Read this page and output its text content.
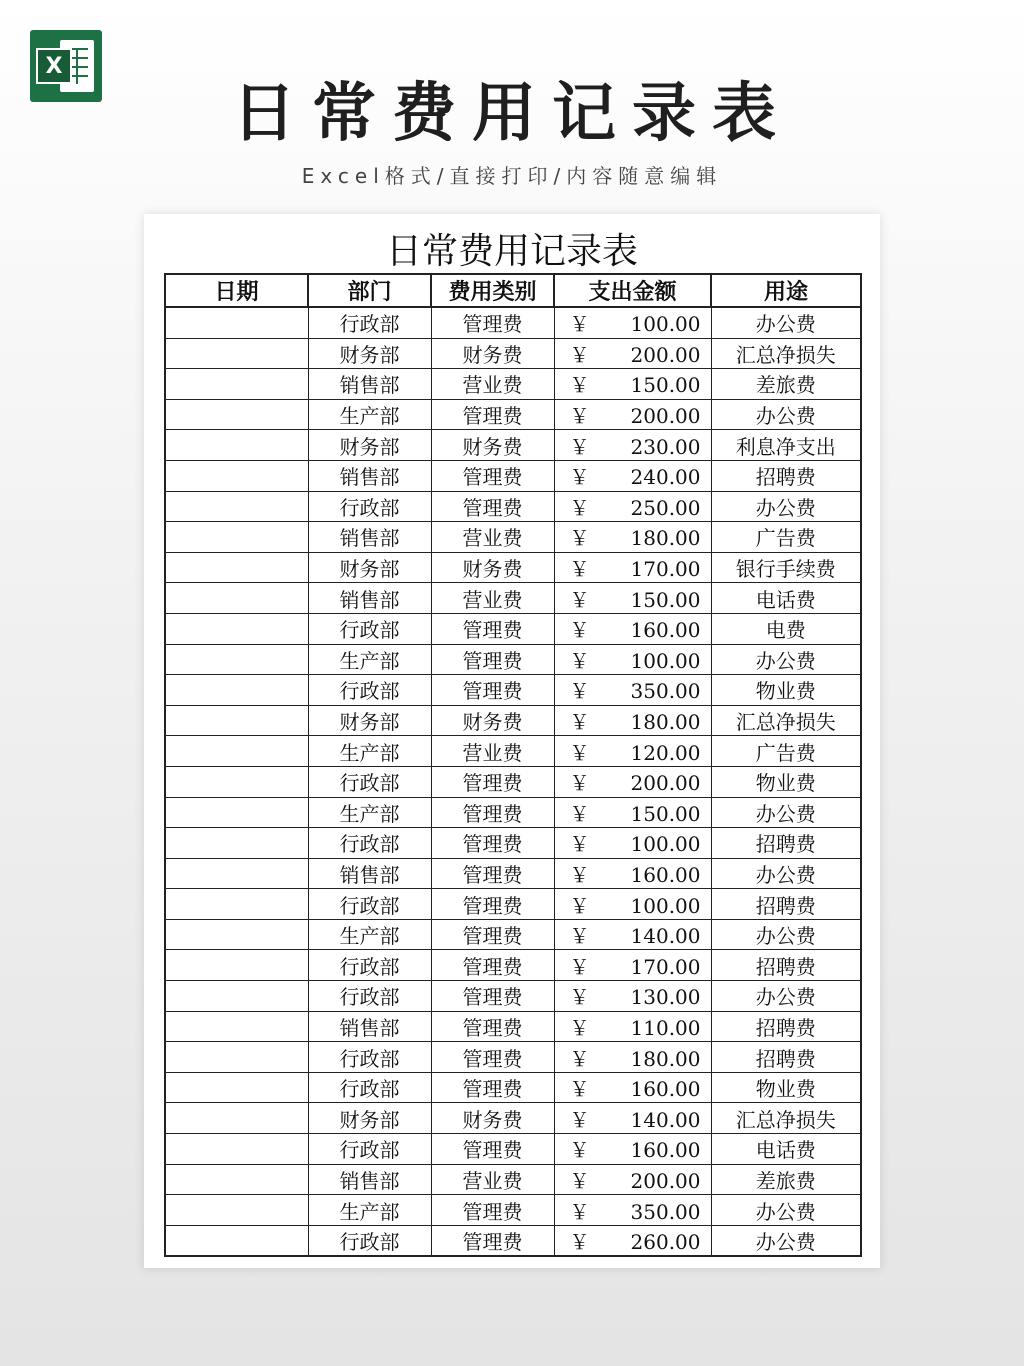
X
日常费用记录表
Excel格式/直接打印/内容随意编辑
日常费用记录表
日期	部门	费用类别	支出金额	用途
	行政部	管理费	￥ 100.00	办公费
	财务部	财务费	￥ 200.00	汇总净损失
	销售部	营业费	￥ 150.00	差旅费
	生产部	管理费	￥ 200.00	办公费
	财务部	财务费	￥ 230.00	利息净支出
	销售部	管理费	￥ 240.00	招聘费
	行政部	管理费	￥ 250.00	办公费
	销售部	营业费	￥ 180.00	广告费
	财务部	财务费	￥ 170.00	银行手续费
	销售部	营业费	￥ 150.00	电话费
	行政部	管理费	￥ 160.00	电费
	生产部	管理费	￥ 100.00	办公费
	行政部	管理费	￥ 350.00	物业费
	财务部	财务费	￥ 180.00	汇总净损失
	生产部	营业费	￥ 120.00	广告费
	行政部	管理费	￥ 200.00	物业费
	生产部	管理费	￥ 150.00	办公费
	行政部	管理费	￥ 100.00	招聘费
	销售部	管理费	￥ 160.00	办公费
	行政部	管理费	￥ 100.00	招聘费
	生产部	管理费	￥ 140.00	办公费
	行政部	管理费	￥ 170.00	招聘费
	行政部	管理费	￥ 130.00	办公费
	销售部	管理费	￥ 110.00	招聘费
	行政部	管理费	￥ 180.00	招聘费
	行政部	管理费	￥ 160.00	物业费
	财务部	财务费	￥ 140.00	汇总净损失
	行政部	管理费	￥ 160.00	电话费
	销售部	营业费	￥ 200.00	差旅费
	生产部	管理费	￥ 350.00	办公费
	行政部	管理费	￥ 260.00	办公费
